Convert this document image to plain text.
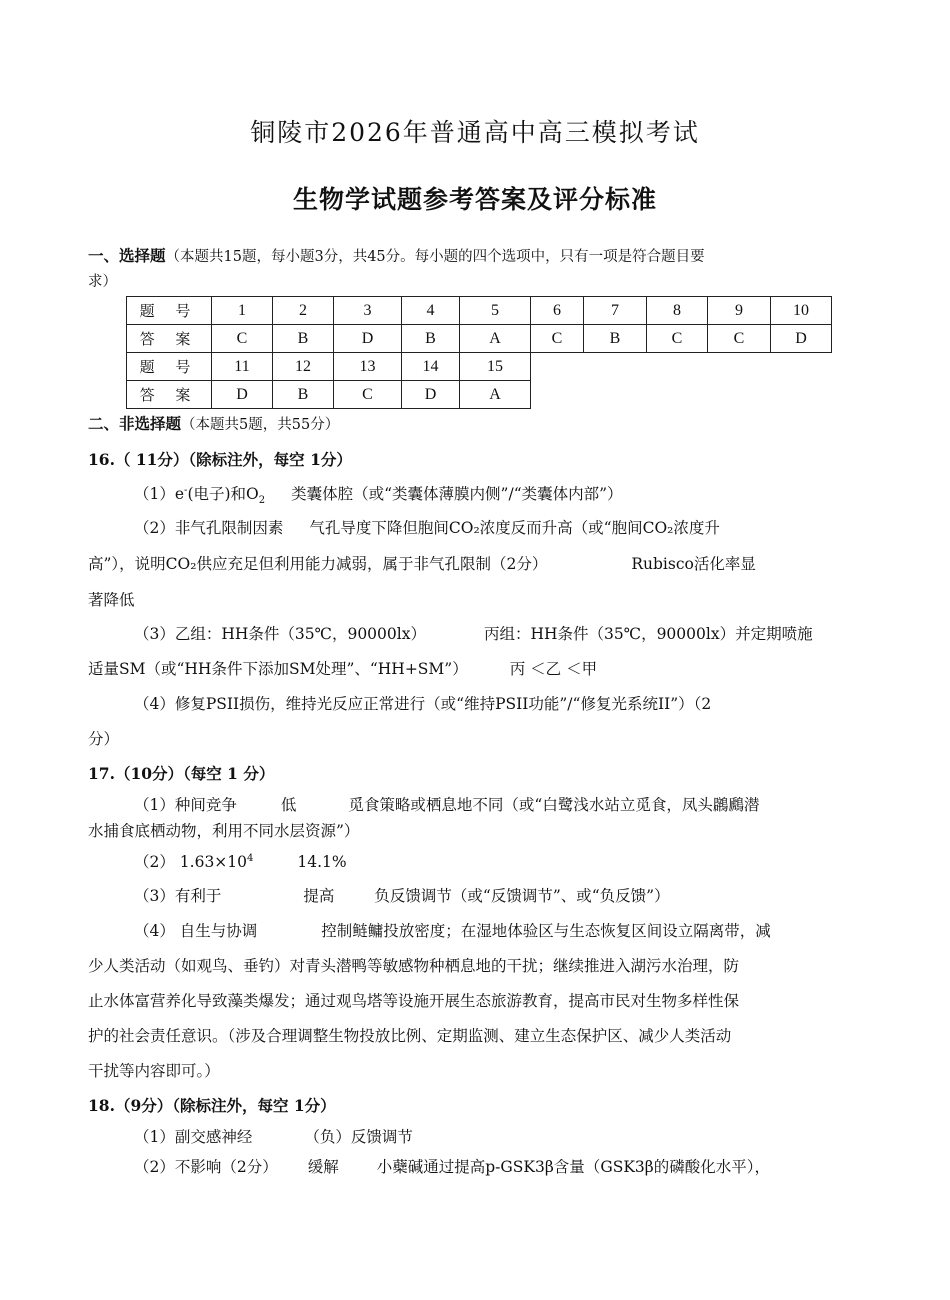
铜陵市2026年普通高中高三模拟考试
生物学试题参考答案及评分标准
一、选择题（本题共15题，每小题3分，共45分。每小题的四个选项中，只有一项是符合题目要
求）
题 号	1	2	3	4	5	6	7	8	9	10
答 案	C	B	D	B	A	C	B	C	C	D
题 号	11	12	13	14	15					
答 案	D	B	C	D	A					
二、非选择题（本题共5题，共55分）
16.（ 11分）（除标注外，每空 1分）
（1）e-(电子)和$O_2$ 类囊体腔（或“类囊体薄膜内侧”/“类囊体内部”）
（2）非气孔限制因素 气孔导度下降但胞间CO₂浓度反而升高（或“胞间CO₂浓度升
高”），说明CO₂供应充足但利用能力减弱，属于非气孔限制（2分）	Rubisco活化率显
著降低
（3）乙组：HH条件（35℃，90000lx）	丙组：HH条件（35℃，90000lx）并定期喷施
适量SM（或“HH条件下添加SM处理”、“HH+SM”）	丙 ＜乙 ＜甲
（4）修复PSII损伤，维持光反应正常进行（或“维持PSII功能”/“修复光系统II”）（2
分）
17.（10分）（每空 1 分）
（1）种间竞争	低	觅食策略或栖息地不同（或“白鹭浅水站立觅食，凤头鸊鷉潜
水捕食底栖动物，利用不同水层资源”）
（2） $1.63\times 10^4$	14.1%
（3）有利于	提高	负反馈调节（或“反馈调节”、或“负反馈”）
（4） 自生与协调	控制鲢鳙投放密度；在湿地体验区与生态恢复区间设立隔离带，减
少人类活动（如观鸟、垂钓）对青头潜鸭等敏感物种栖息地的干扰；继续推进入湖污水治理，防
止水体富营养化导致藻类爆发；通过观鸟塔等设施开展生态旅游教育，提高市民对生物多样性保
护的社会责任意识。（涉及合理调整生物投放比例、定期监测、建立生态保护区、减少人类活动
干扰等内容即可。）
18.（9分）（除标注外，每空 1分）
（1）副交感神经	（负）反馈调节
（2）不影响（2分） 缓解 小蘗碱通过提高p-GSK3β含量（GSK3β的磷酸化水平），
